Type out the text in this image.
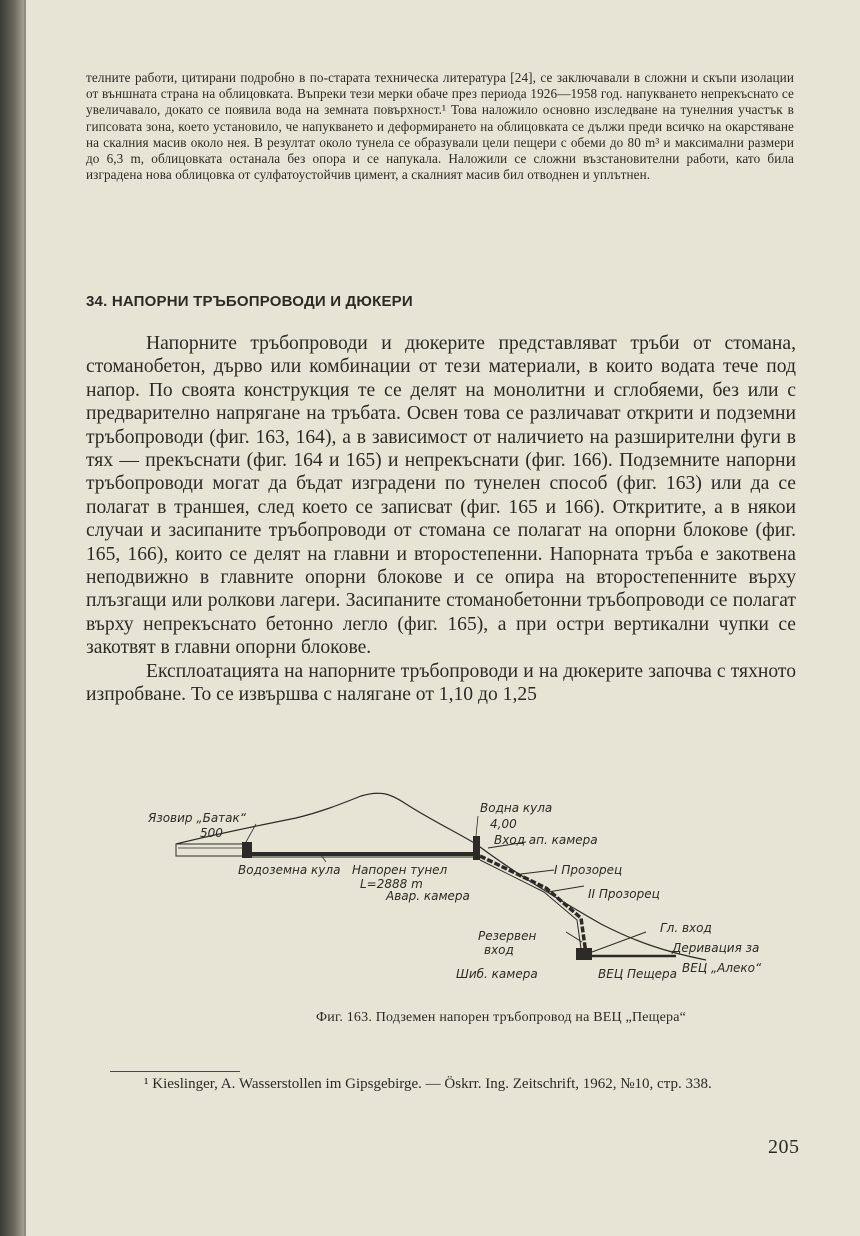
телните работи, цитирани подробно в по-старата техническа литература [24], се заключавали в сложни и скъпи изолации от външната страна на облицовката. Въпреки тези мерки обаче през периода 1926—1958 год. напукването непрекъснато се увеличавало, докато се появила вода на земната повърхност.¹ Това наложило основно изследване на тунелния участък в гипсовата зона, което установило, че напукването и деформирането на облицовката се дължи преди всичко на окарстяване на скалния масив около нея. В резултат около тунела се образували цели пещери с обеми до 80 m³ и максимални размери до 6,3 m, облицовката останала без опора и се напукала. Наложили се сложни възстановителни работи, като била изградена нова облицовка от сулфатоустойчив цимент, а скалният масив бил отводнен и уплътнен.
34. НАПОРНИ ТРЪБОПРОВОДИ И ДЮКЕРИ

Напорните тръбопроводи и дюкерите представляват тръби от стомана, стоманобетон, дърво или комбинации от тези материали, в които водата тече под напор. По своята конструкция те се делят на монолитни и сглобяеми, без или с предварително напрягане на тръбата. Освен това се различават открити и подземни тръбопроводи (фиг. 163, 164), а в зависимост от наличието на разширителни фуги в тях — прекъснати (фиг. 164 и 165) и непрекъснати (фиг. 166). Подземните напорни тръбопроводи могат да бъдат изградени по тунелен способ (фиг. 163) или да се полагат в траншея, след което се записват (фиг. 165 и 166). Откритите, а в някои случаи и засипаните тръбопроводи от стомана се полагат на опорни блокове (фиг. 165, 166), които се делят на главни и второстепенни. Напорната тръба е закотвена неподвижно в главните опорни блокове и се опира на второстепенните върху плъзгащи или ролкови лагери. Засипаните стоманобетонни тръбопроводи се полагат върху непрекъснато бетонно легло (фиг. 165), а при остри вертикални чупки се закотвят в главни опорни блокове.

Експлоатацията на напорните тръбопроводи и на дюкерите започва с тяхното изпробване. То се извършва с налягане от 1,10 до 1,25

Язовир „Батак“
500
Водоземна кула Напорен тунел
L=2888 m
Авар. камера
Водна кула
4,00
Вход ап. камера
I Прозорец
II Прозорец
Гл. вход
Резервен
вход
Шиб. камера	ВЕЦ Пещера
Деривация за
ВЕЦ „Алеко“
Фиг. 163. Подземен напорен тръбопровод на ВЕЦ „Пещера“
¹ Kieslinger, A. Wasserstollen im Gipsgebirge. — Öskrr. Ing. Zeitschrift, 1962, №10, стр. 338.
205
